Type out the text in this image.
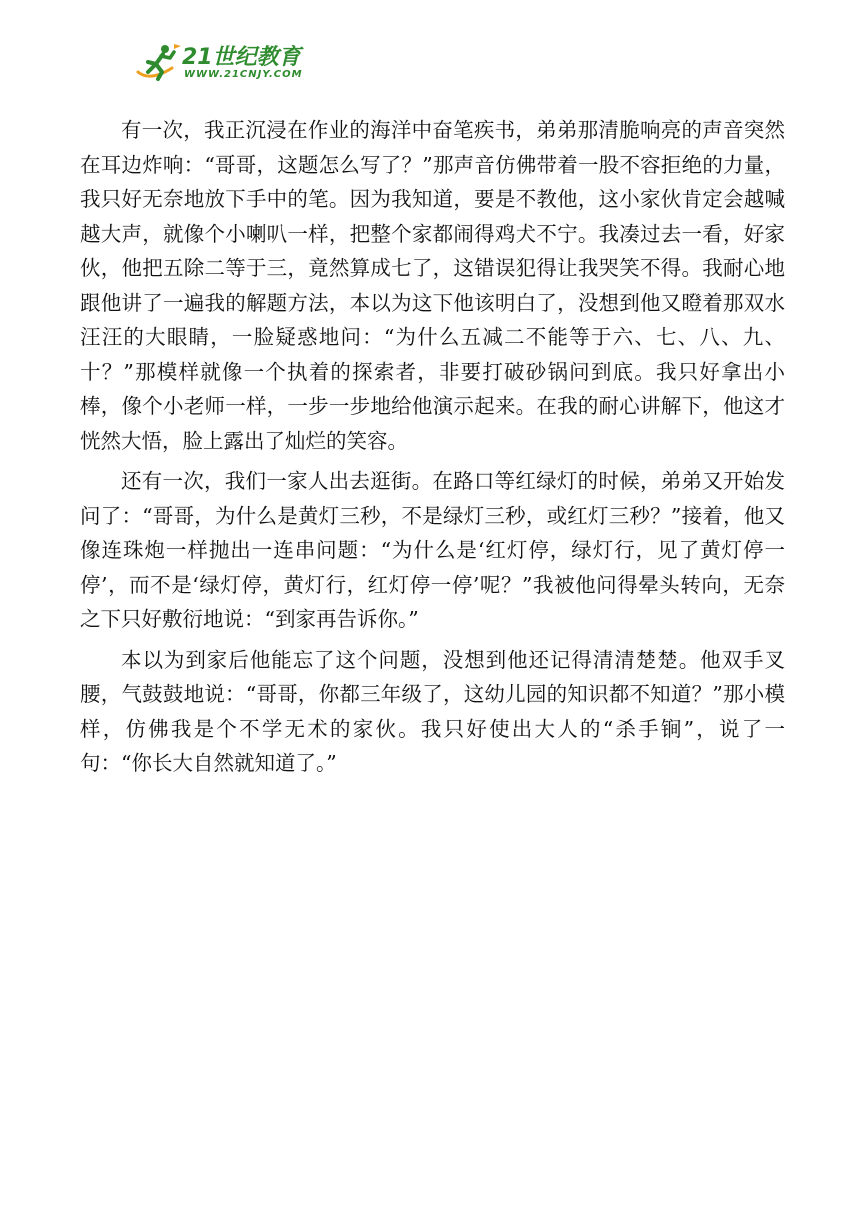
21世纪教育
WWW.21CNJY.COM

有一次，我正沉浸在作业的海洋中奋笔疾书，弟弟那清脆响亮的声音突然在耳边炸响：“哥哥，这题怎么写了？”那声音仿佛带着一股不容拒绝的力量，我只好无奈地放下手中的笔。因为我知道，要是不教他，这小家伙肯定会越喊越大声，就像个小喇叭一样，把整个家都闹得鸡犬不宁。我凑过去一看，好家伙，他把五除二等于三，竟然算成七了，这错误犯得让我哭笑不得。我耐心地跟他讲了一遍我的解题方法，本以为这下他该明白了，没想到他又瞪着那双水汪汪的大眼睛，一脸疑惑地问：“为什么五减二不能等于六、七、八、九、十？”那模样就像一个执着的探索者，非要打破砂锅问到底。我只好拿出小棒，像个小老师一样，一步一步地给他演示起来。在我的耐心讲解下，他这才恍然大悟，脸上露出了灿烂的笑容。

还有一次，我们一家人出去逛街。在路口等红绿灯的时候，弟弟又开始发问了：“哥哥，为什么是黄灯三秒，不是绿灯三秒，或红灯三秒？”接着，他又像连珠炮一样抛出一连串问题：“为什么是‘红灯停，绿灯行，见了黄灯停一停’，而不是‘绿灯停，黄灯行，红灯停一停’呢？”我被他问得晕头转向，无奈之下只好敷衍地说：“到家再告诉你。”

本以为到家后他能忘了这个问题，没想到他还记得清清楚楚。他双手叉腰，气鼓鼓地说：“哥哥，你都三年级了，这幼儿园的知识都不知道？”那小模样，仿佛我是个不学无术的家伙。我只好使出大人的“杀手锏”，说了一句：“你长大自然就知道了。”
